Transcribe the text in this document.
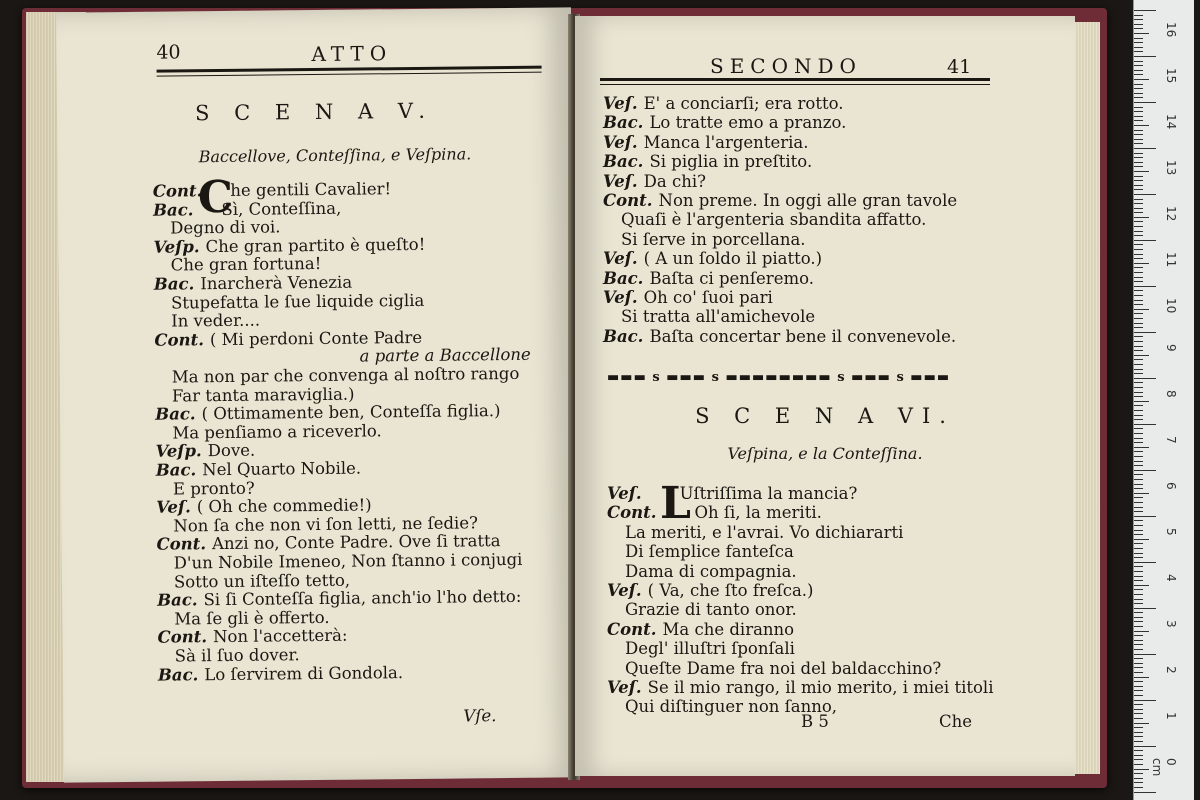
40	ATTO
S C E N A V.
Baccellove, Conteſſina, e Veſpina.
C
Cont. he gentili Cavalier!
Bac. Sì, Conteſſina,
Degno di voi.
Veſp. Che gran partito è queſto!
Che gran fortuna!
Bac. Inarcherà Venezia
Stupefatta le ſue liquide ciglia
In veder....
Cont. ( Mi perdoni Conte Padre
a parte a Baccellone
Ma non par che convenga al noſtro rango
Far tanta maraviglia.)
Bac. ( Ottimamente ben, Conteſſa figlia.)
Ma penſiamo a riceverlo.
Veſp. Dove.
Bac. Nel Quarto Nobile.
E pronto?
Veſ. ( Oh che commedie!)
Non ſa che non vi ſon letti, ne ſedie?
Cont. Anzi no, Conte Padre. Ove ſi tratta
D'un Nobile Imeneo, Non ſtanno i conjugi
Sotto un iſteſſo tetto,
Bac. Si ſi Conteſſa figlia, anch'io l'ho detto:
Ma ſe gli è offerto.
Cont. Non l'accetterà:
Sà il ſuo dover.
Bac. Lo ſervirem di Gondola.
Vſe.
SECONDO	41
Veſ. E' a conciarſi; era rotto.
Bac. Lo tratte emo a pranzo.
Veſ. Manca l'argenteria.
Bac. Si piglia in preſtito.
Veſ. Da chi?
Cont. Non preme. In oggi alle gran tavole
Quaſi è l'argenteria sbandita affatto.
Si ſerve in porcellana.
Veſ. ( A un ſoldo il piatto.)
Bac. Baſta ci penſeremo.
Veſ. Oh co' ſuoi pari
Si tratta all'amichevole
Bac. Baſta concertar bene il convenevole.
▬▬▬ s ▬▬▬ s ▬▬▬▬▬▬▬▬ s ▬▬▬ s ▬▬▬
S C E N A VI.
Veſpina, e la Conteſſina.
L
Veſ. Uſtriſſima la mancia?
Cont. Oh ſi, la meriti.
La meriti, e l'avrai. Vo dichiararti
Di ſemplice fanteſca
Dama di compagnia.
Veſ. ( Va, che ſto freſca.)
Grazie di tanto onor.
Cont. Ma che diranno
Degl' illuſtri ſponſali
Queſte Dame fra noi del baldacchino?
Veſ. Se il mio rango, il mio merito, i miei titoli
Qui diſtinguer non ſanno,
B 5	Che
16
15
14
13
12
11
10
9
8
7
6
5
4
3
2
1
0 cm
